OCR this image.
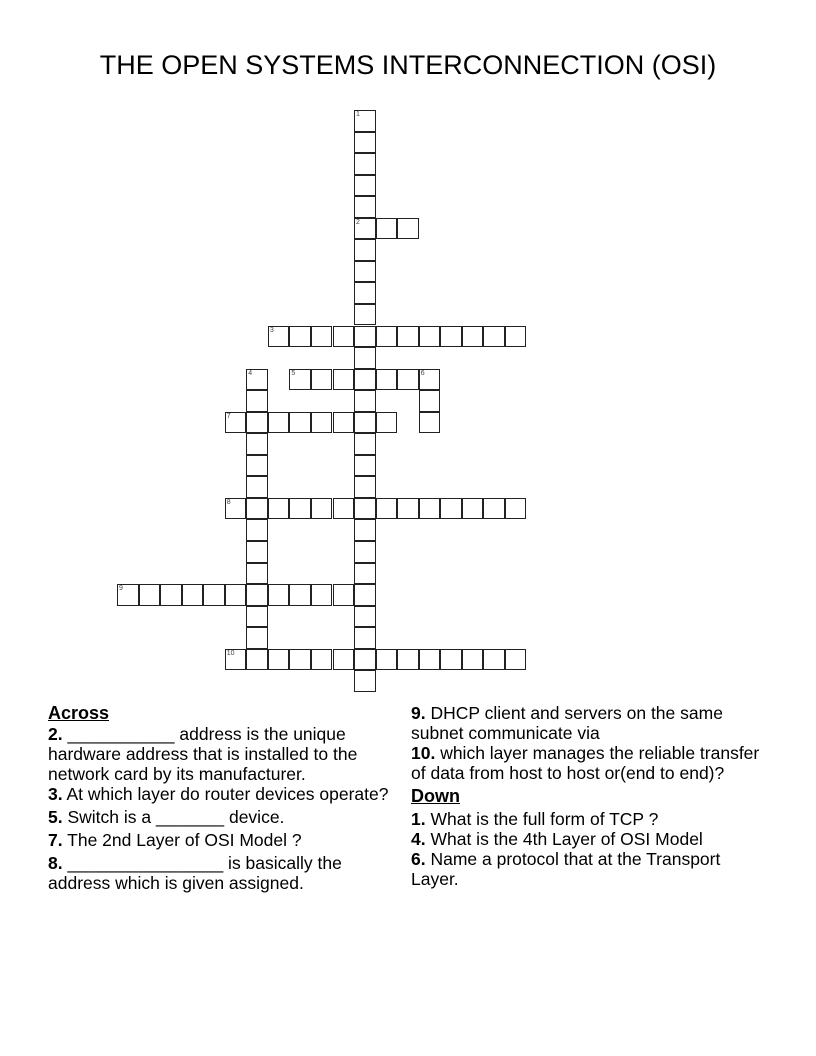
THE OPEN SYSTEMS INTERCONNECTION (OSI)
1
2
3
4	5	6
7
8
9
10
Across

2. ___________ address is the unique hardware address that is installed to the network card by its manufacturer.

3. At which layer do router devices operate?

5. Switch is a _______ device.

7. The 2nd Layer of OSI Model ?

8. ________________ is basically the address which is given assigned.

9. DHCP client and servers on the same subnet communicate via

10. which layer manages the reliable transfer of data from host to host or(end to end)?

Down

1. What is the full form of TCP ?

4. What is the 4th Layer of OSI Model

6. Name a protocol that at the Transport Layer.
